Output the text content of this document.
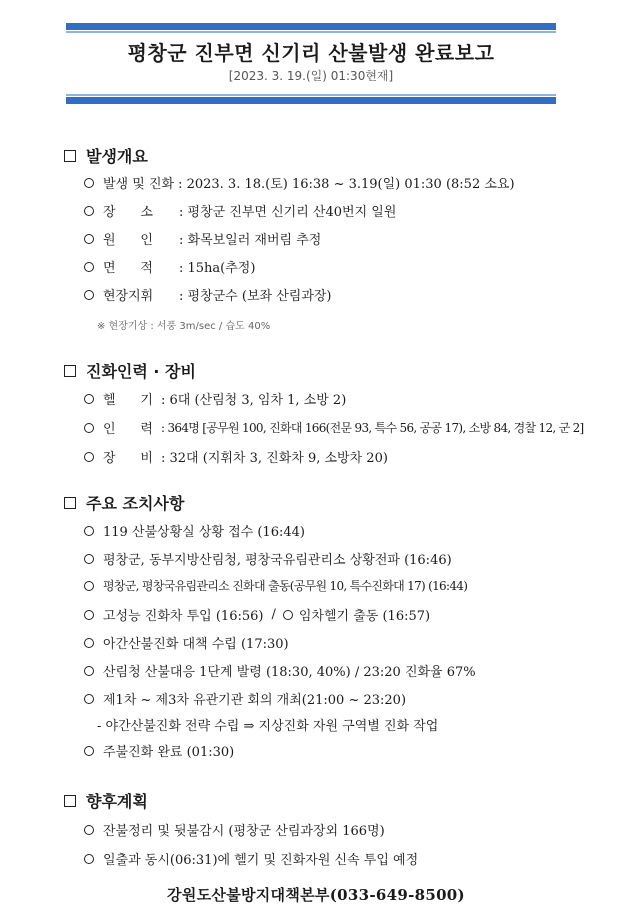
평창군 진부면 신기리 산불발생 완료보고
[2023. 3. 19.(일) 01:30현재]
발생개요
발생 및 진화 : 2023. 3. 18.(토) 16:38 ~ 3.19(일) 01:30 (8:52 소요)
장      소	: 평창군 진부면 신기리 산40번지 일원
원      인	: 화목보일러 재버림 추정
면      적	: 15ha(추정)
현장지휘	: 평창군수 (보좌 산림과장)
※ 현장기상 : 서풍 3m/sec / 습도 40%
진화인력 · 장비
헬      기 : 6대 (산림청 3, 임차 1, 소방 2)
인      력 : 364명 [공무원 100, 진화대 166(전문 93, 특수 56, 공공 17), 소방 84, 경찰 12, 군 2]
장      비 : 32대 (지휘차 3, 진화차 9, 소방차 20)
주요 조치사항
119 산불상황실 상황 접수 (16:44)
평창군, 동부지방산림청, 평창국유림관리소 상황전파 (16:46)
평창군, 평창국유림관리소 진화대 출동(공무원 10, 특수진화대 17) (16:44)
고성능 진화차 투입 (16:56) / 임차헬기 출동 (16:57)
아간산불진화 대책 수립 (17:30)
산림청 산불대응 1단계 발령 (18:30, 40%) / 23:20 진화율 67%
제1차 ~ 제3차 유관기관 회의 개최(21:00 ~ 23:20)
- 야간산불진화 전략 수립 ⇒ 지상진화 자원 구역별 진화 작업
주불진화 완료 (01:30)
향후계획
잔불정리 및 뒷불감시 (평창군 산림과장외 166명)
일출과 동시(06:31)에 헬기 및 진화자원 신속 투입 예정
강원도산불방지대책본부(033-649-8500)
